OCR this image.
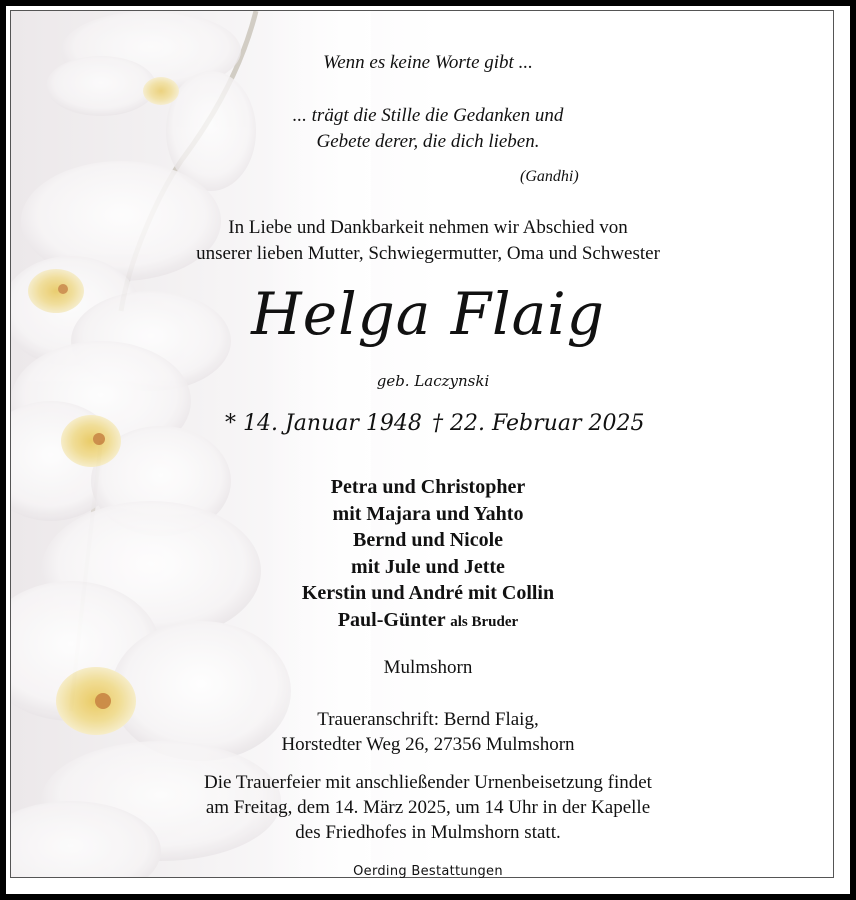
Wenn es keine Worte gibt ...
... trägt die Stille die Gedanken und
Gebete derer, die dich lieben.
(Gandhi)
In Liebe und Dankbarkeit nehmen wir Abschied von
unserer lieben Mutter, Schwiegermutter, Oma und Schwester
Helga Flaig
geb. Laczynski
* 14. Januar 1948 † 22. Februar 2025
Petra und Christopher
mit Majara und Yahto
Bernd und Nicole
mit Jule und Jette
Kerstin und André mit Collin
Paul-Günter als Bruder
Mulmshorn
Traueranschrift: Bernd Flaig,
Horstedter Weg 26, 27356 Mulmshorn
Die Trauerfeier mit anschließender Urnenbeisetzung findet
am Freitag, dem 14. März 2025, um 14 Uhr in der Kapelle
des Friedhofes in Mulmshorn statt.
Oerding Bestattungen
